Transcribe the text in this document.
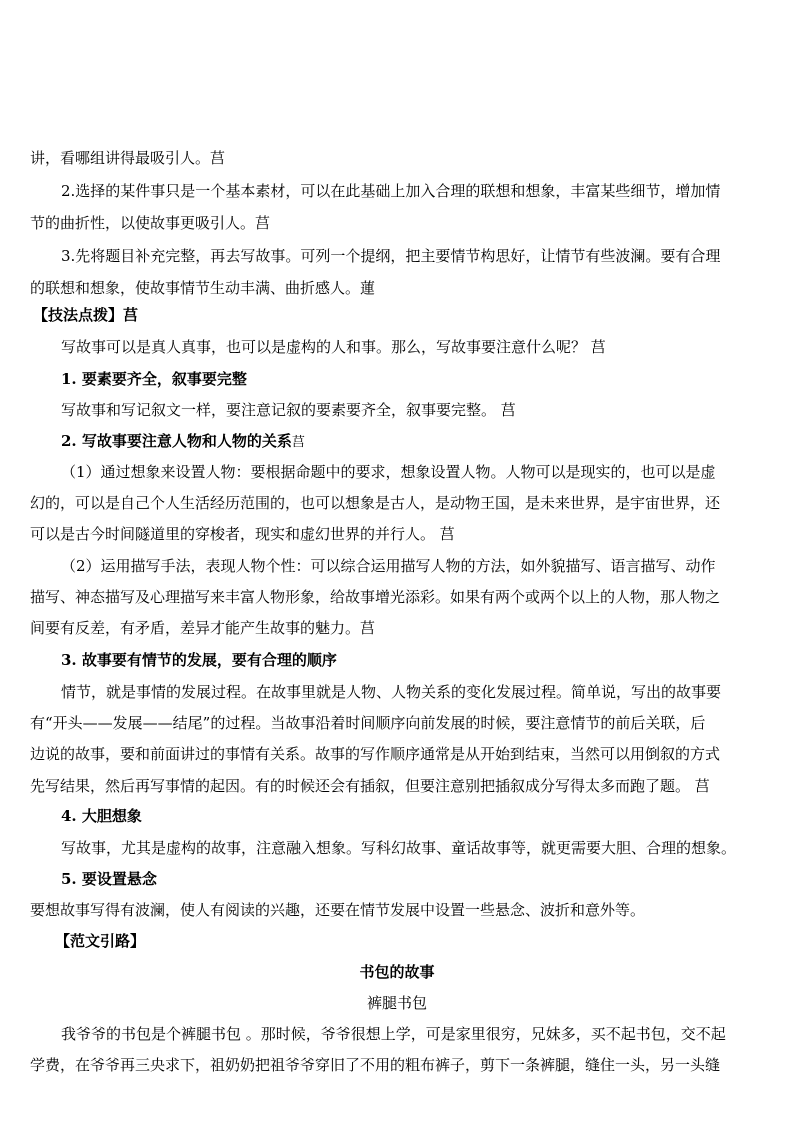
讲，看哪组讲得最吸引人。莒
2.选择的某件事只是一个基本素材，可以在此基础上加入合理的联想和想象，丰富某些细节，增加情
节的曲折性，以使故事更吸引人。莒
3.先将题目补充完整，再去写故事。可列一个提纲，把主要情节构思好，让情节有些波澜。要有合理
的联想和想象，使故事情节生动丰满、曲折感人。蓮
【技法点拨】莒
写故事可以是真人真事，也可以是虚构的人和事。那么，写故事要注意什么呢？ 莒
1. 要素要齐全，叙事要完整
写故事和写记叙文一样，要注意记叙的要素要齐全，叙事要完整。 莒
2. 写故事要注意人物和人物的关系莒
（1）通过想象来设置人物：要根据命题中的要求，想象设置人物。人物可以是现实的，也可以是虚
幻的，可以是自己个人生活经历范围的，也可以想象是古人，是动物王国，是未来世界，是宇宙世界，还
可以是古今时间隧道里的穿梭者，现实和虚幻世界的并行人。 莒
（2）运用描写手法，表现人物个性：可以综合运用描写人物的方法，如外貌描写、语言描写、动作
描写、神态描写及心理描写来丰富人物形象，给故事增光添彩。如果有两个或两个以上的人物，那人物之
间要有反差，有矛盾，差异才能产生故事的魅力。莒
3. 故事要有情节的发展，要有合理的顺序
情节，就是事情的发展过程。在故事里就是人物、人物关系的变化发展过程。简单说，写出的故事要
有“开头——发展——结尾”的过程。当故事沿着时间顺序向前发展的时候，要注意情节的前后关联，后
边说的故事，要和前面讲过的事情有关系。故事的写作顺序通常是从开始到结束，当然可以用倒叙的方式
先写结果，然后再写事情的起因。有的时候还会有插叙，但要注意别把插叙成分写得太多而跑了题。 莒
4. 大胆想象
写故事，尤其是虚构的故事，注意融入想象。写科幻故事、童话故事等，就更需要大胆、合理的想象。
5. 要设置悬念
要想故事写得有波澜，使人有阅读的兴趣，还要在情节发展中设置一些悬念、波折和意外等。
【范文引路】
书包的故事
裤腿书包
我爷爷的书包是个裤腿书包 。那时候，爷爷很想上学，可是家里很穷，兄妹多，买不起书包，交不起
学费，在爷爷再三央求下，祖奶奶把祖爷爷穿旧了不用的粗布裤子，剪下一条裤腿，缝住一头，另一头缝
